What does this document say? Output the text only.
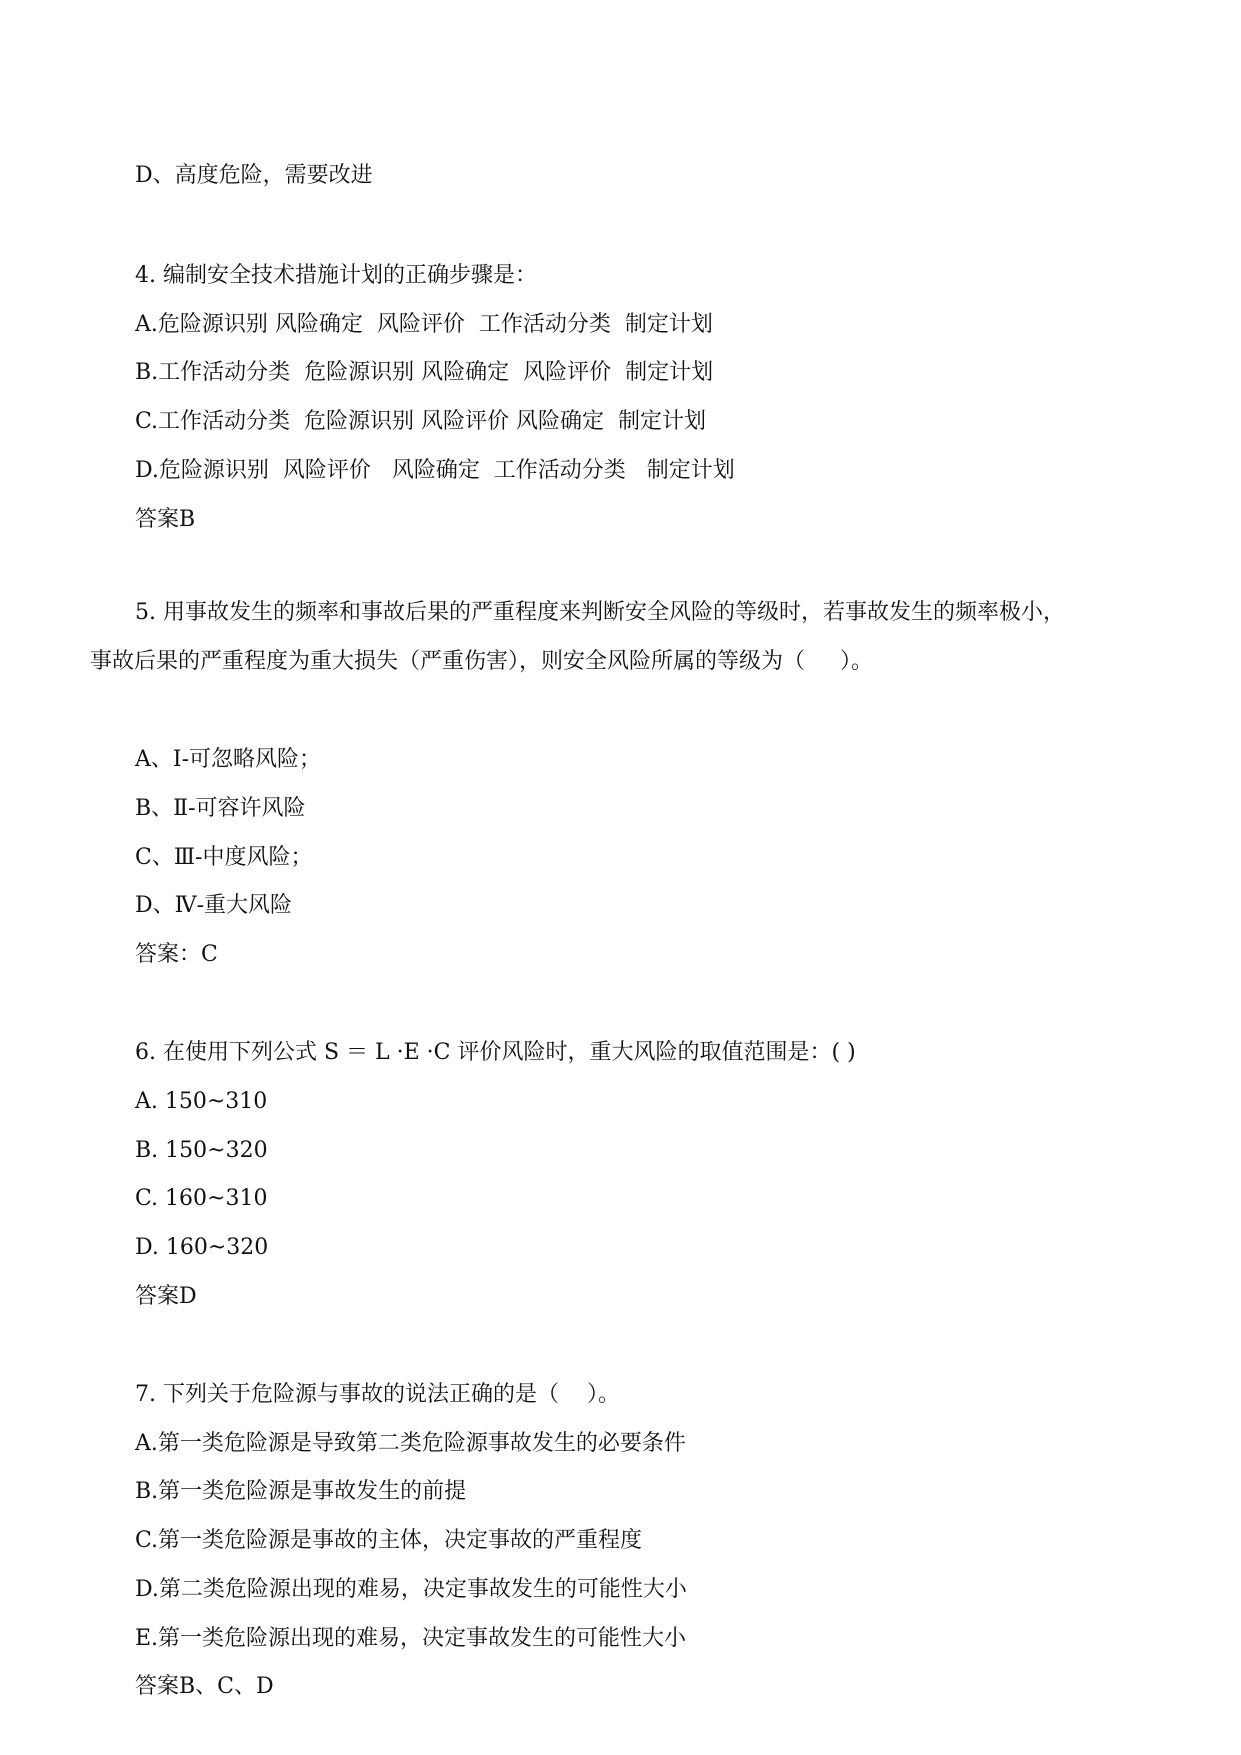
D、高度危险，需要改进

4. 编制安全技术措施计划的正确步骤是：

A.危险源识别 风险确定  风险评价  工作活动分类  制定计划

B.工作活动分类  危险源识别 风险确定  风险评价  制定计划

C.工作活动分类  危险源识别 风险评价 风险确定  制定计划

D.危险源识别  风险评价   风险确定  工作活动分类   制定计划

答案B

5. 用事故发生的频率和事故后果的严重程度来判断安全风险的等级时，若事故发生的频率极小，

事故后果的严重程度为重大损失（严重伤害），则安全风险所属的等级为（     ）。

A、Ⅰ-可忽略风险；

B、Ⅱ-可容许风险

C、Ⅲ-中度风险；

D、Ⅳ-重大风险

答案：C

6. 在使用下列公式 S ＝ L ·E ·C 评价风险时，重大风险的取值范围是：( )

A. 150~310

B. 150~320

C. 160~310

D. 160~320

答案D

7. 下列关于危险源与事故的说法正确的是（    ）。

A.第一类危险源是导致第二类危险源事故发生的必要条件

B.第一类危险源是事故发生的前提

C.第一类危险源是事故的主体，决定事故的严重程度

D.第二类危险源出现的难易，决定事故发生的可能性大小

E.第一类危险源出现的难易，决定事故发生的可能性大小

答案B、C、D
